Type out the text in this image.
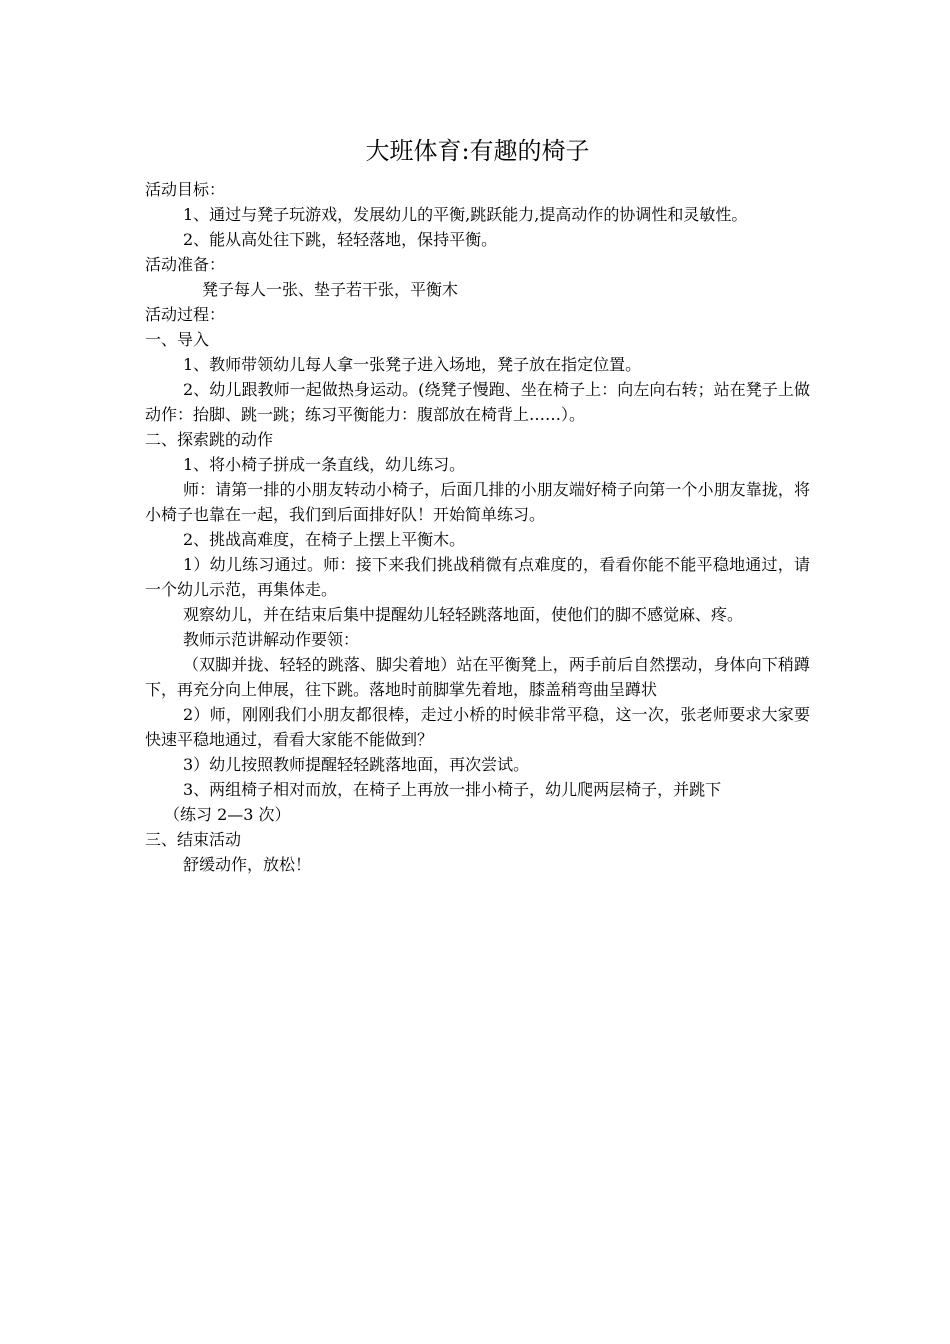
大班体育:有趣的椅子

活动目标：

1、通过与凳子玩游戏，发展幼儿的平衡,跳跃能力,提高动作的协调性和灵敏性。

2、能从高处往下跳，轻轻落地，保持平衡。

活动准备：

凳子每人一张、垫子若干张，平衡木

活动过程：

一、导入

1、教师带领幼儿每人拿一张凳子进入场地，凳子放在指定位置。

2、幼儿跟教师一起做热身运动。(绕凳子慢跑、坐在椅子上：向左向右转；站在凳子上做动作：抬脚、跳一跳；练习平衡能力：腹部放在椅背上……）。

二、探索跳的动作

1、将小椅子拼成一条直线，幼儿练习。

师：请第一排的小朋友转动小椅子，后面几排的小朋友端好椅子向第一个小朋友靠拢，将小椅子也靠在一起，我们到后面排好队！开始简单练习。

2、挑战高难度，在椅子上摆上平衡木。

1）幼儿练习通过。师：接下来我们挑战稍微有点难度的，看看你能不能平稳地通过，请一个幼儿示范，再集体走。

观察幼儿，并在结束后集中提醒幼儿轻轻跳落地面，使他们的脚不感觉麻、疼。

教师示范讲解动作要领：

（双脚并拢、轻轻的跳落、脚尖着地）站在平衡凳上，两手前后自然摆动，身体向下稍蹲下，再充分向上伸展，往下跳。落地时前脚掌先着地，膝盖稍弯曲呈蹲状

2）师，刚刚我们小朋友都很棒，走过小桥的时候非常平稳，这一次，张老师要求大家要快速平稳地通过，看看大家能不能做到？

3）幼儿按照教师提醒轻轻跳落地面，再次尝试。

3、两组椅子相对而放，在椅子上再放一排小椅子，幼儿爬两层椅子，并跳下

（练习 2—3 次）

三、结束活动

舒缓动作，放松！
